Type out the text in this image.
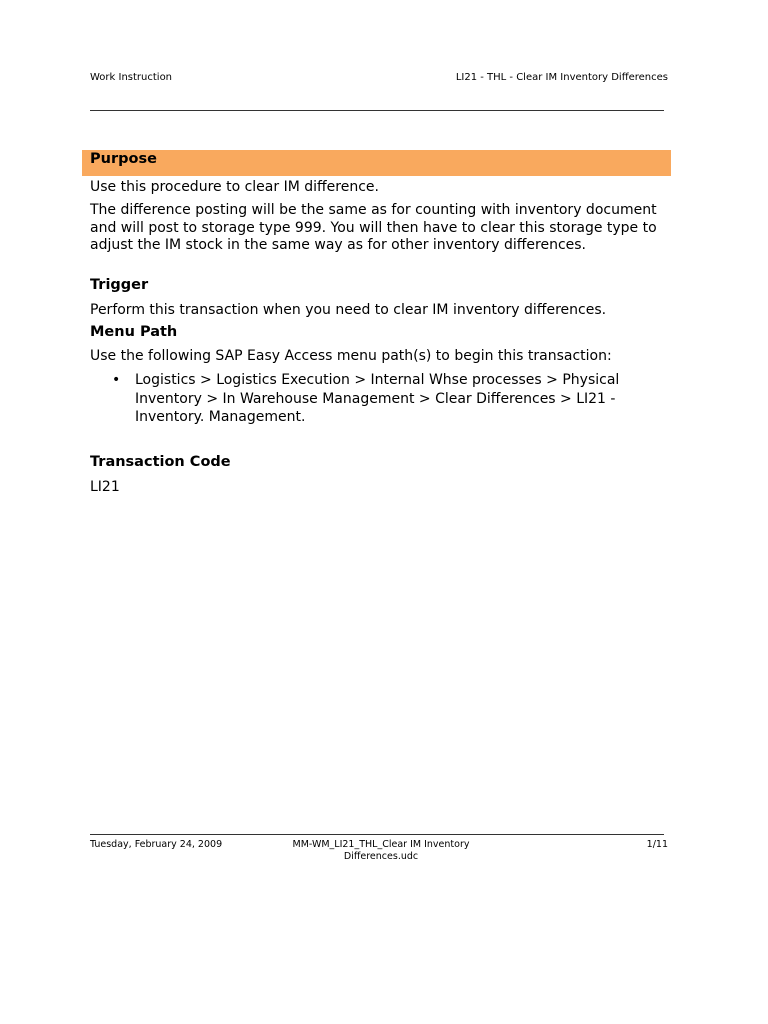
Work Instruction	LI21 - THL - Clear IM Inventory Differences
Purpose
Use this procedure to clear IM difference.
The difference posting will be the same as for counting with inventory document and will post to storage type 999. You will then have to clear this storage type to adjust the IM stock in the same way as for other inventory differences.
Trigger
Perform this transaction when you need to clear IM inventory differences.
Menu Path
Use the following SAP Easy Access menu path(s) to begin this transaction:
• Logistics > Logistics Execution > Internal Whse processes > Physical Inventory > In Warehouse Management > Clear Differences > LI21 - Inventory. Management.
Transaction Code
LI21
Tuesday, February 24, 2009	MM-WM_LI21_THL_Clear IM Inventory
Differences.udc
1/11
